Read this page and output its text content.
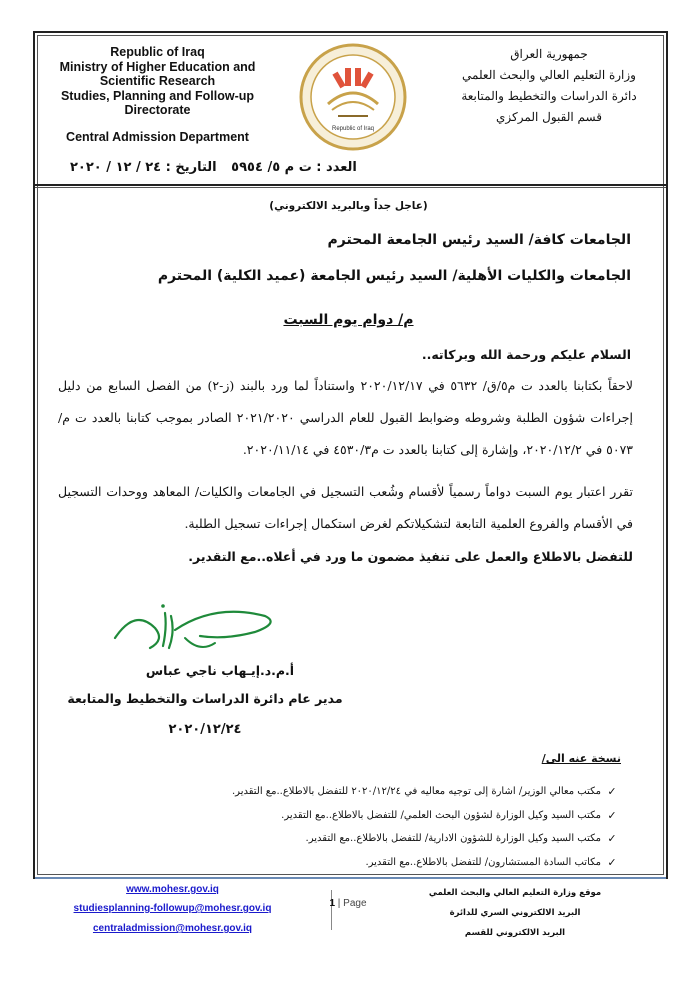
Republic of Iraq
Ministry of Higher Education and
Scientific Research
Studies, Planning and Follow-up
Directorate
Central Admission Department
Republic of Iraq
جمهورية العراق
وزارة التعليم العالي والبحث العلمي
دائرة الدراسات والتخطيط والمتابعة
قسم القبول المركزي
العدد : ت م ٥/ ٥٩٥٤ التاريخ : ٢٤ / ١٢ / ٢٠٢٠
(عاجل جداً وبالبريد الالكتروني)
الجامعات كافة/ السيد رئيس الجامعة المحترم
الجامعات والكليات الأهلية/ السيد رئيس الجامعة (عميد الكلية) المحترم
م/ دوام يوم السبت
السلام عليكم ورحمة الله وبركاته..
لاحقاً بكتابنا بالعدد ت م٥/ق/ ٥٦٣٢ في ٢٠٢٠/١٢/١٧ واستناداً لما ورد بالبند (ز-٢) من الفصل السابع من دليل إجراءات شؤون الطلبة وشروطه وضوابط القبول للعام الدراسي ٢٠٢١/٢٠٢٠ الصادر بموجب كتابنا بالعدد ت م/ ٥٠٧٣ في ٢٠٢٠/١٢/٢، وإشارة إلى كتابنا بالعدد ت م٤٥٣٠/٣ في ٢٠٢٠/١١/١٤.
تقرر اعتبار يوم السبت دواماً رسمياً لأقسام وشُعب التسجيل في الجامعات والكليات/ المعاهد ووحدات التسجيل في الأقسام والفروع العلمية التابعة لتشكيلاتكم لغرض استكمال إجراءات تسجيل الطلبة.
للتفضل بالاطلاع والعمل على تنفيذ مضمون ما ورد في أعلاه..مع التقدير.
أ.م.د.إيـهاب ناجي عباس
مدير عام دائرة الدراسات والتخطيط والمتابعة
٢٠٢٠/١٢/٢٤
نسخة عنه الى/
✓
مكتب معالي الوزير/ اشارة إلى توجيه معاليه في ٢٠٢٠/١٢/٢٤ للتفضل بالاطلاع..مع التقدير.
✓
مكتب السيد وكيل الوزارة لشؤون البحث العلمي/ للتفضل بالاطلاع..مع التقدير.
✓
مكتب السيد وكيل الوزارة للشؤون الادارية/ للتفضل بالاطلاع..مع التقدير.
✓
مكاتب السادة المستشارون/ للتفضل بالاطلاع..مع التقدير.
www.mohesr.gov.iq
studiesplanning-followup@mohesr.gov.iq
centraladmission@mohesr.gov.iq
1 | Page
موقع وزارة التعليم العالي والبحث العلمي
البريد الالكتروني السري للدائرة
البريد الالكتروني للقسم
